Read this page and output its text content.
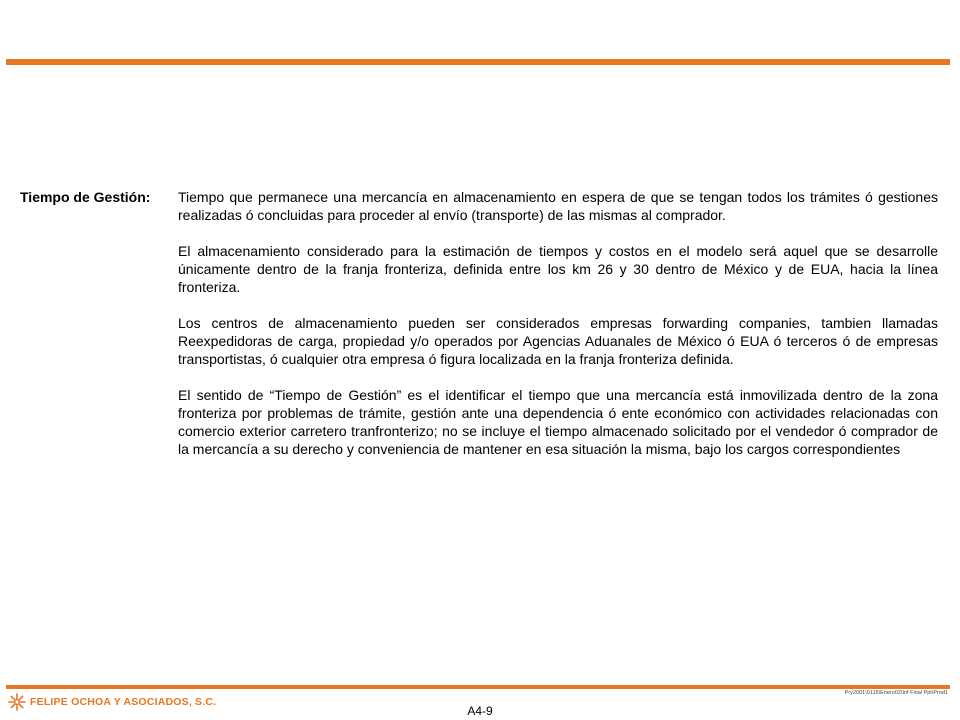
Tiempo de Gestión: Tiempo que permanece una mercancía en almacenamiento en espera de que se tengan todos los trámites ó gestiones realizadas ó concluidas para proceder al envío (transporte) de las mismas al comprador.

El almacenamiento considerado para la estimación de tiempos y costos en el modelo será aquel que se desarrolle únicamente dentro de la franja fronteriza, definida entre los km 26 y 30 dentro de México y de EUA, hacia la línea fronteriza.

Los centros de almacenamiento pueden ser considerados empresas forwarding companies, tambien llamadas Reexpedidoras de carga, propiedad y/o operados por Agencias Aduanales de México ó EUA ó terceros ó de empresas transportistas, ó cualquier otra empresa ó figura localizada en la franja fronteriza definida.

El sentido de “Tiempo de Gestión” es el identificar el tiempo que una mercancía está inmovilizada dentro de la zona fronteriza por problemas de trámite, gestión ante una dependencia ó ente económico con actividades relacionadas con comercio exterior carretero tranfronterizo; no se incluye el tiempo almacenado solicitado por el vendedor ó comprador de la mercancía a su derecho y conveniencia de mantener en esa situación la misma, bajo los cargos correspondientes

FELIPE OCHOA Y ASOCIADOS, S.C.
Pry2001\0115\Enero02\Inf Final Ppt\Prod1
A4-9
